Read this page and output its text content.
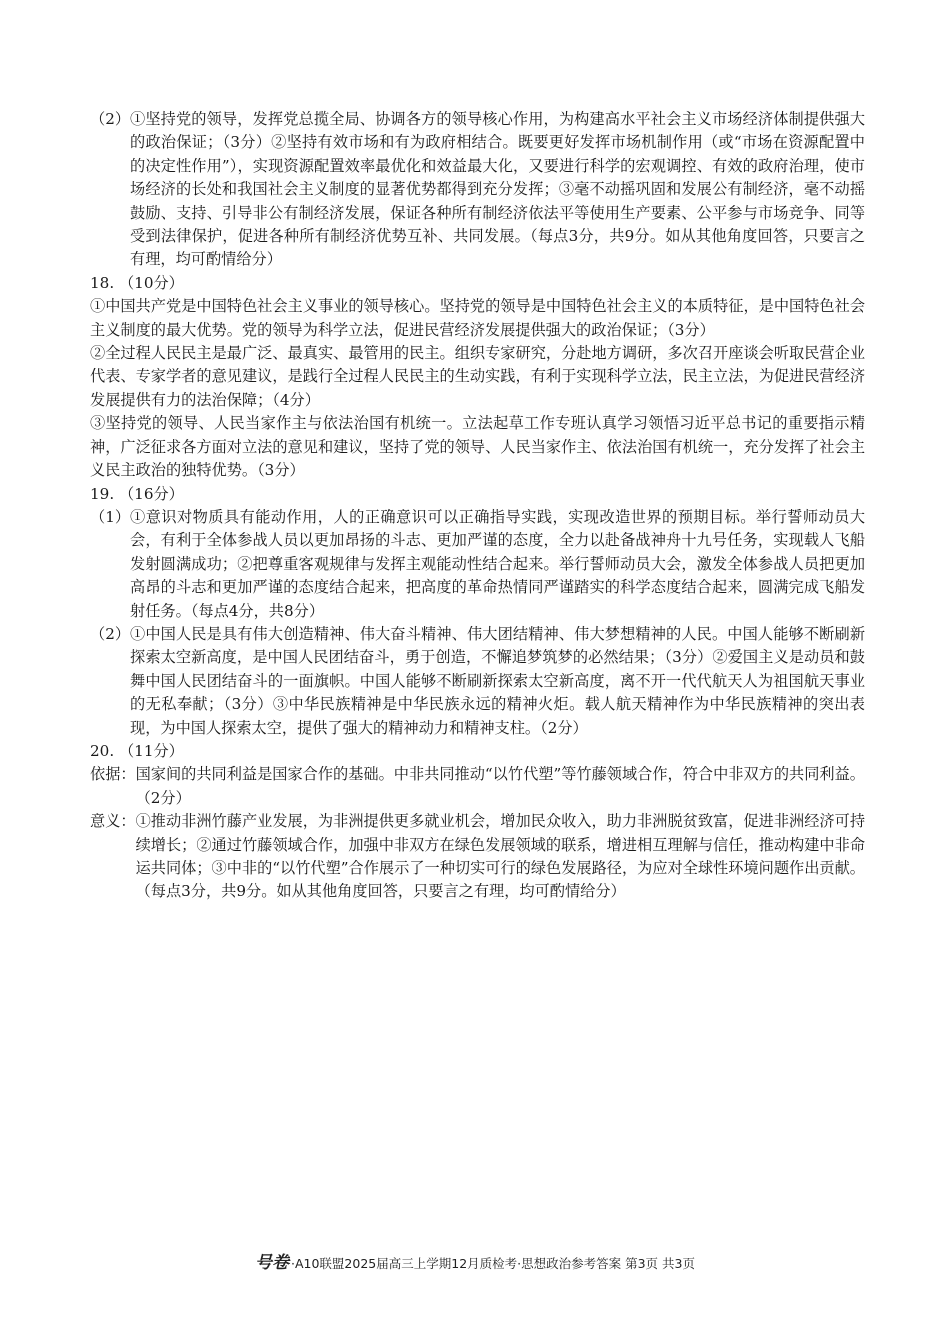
（2） ①坚持党的领导，发挥党总揽全局、协调各方的领导核心作用，为构建高水平社会主义市场经济体制提供强大的政治保证；（3分）②坚持有效市场和有为政府相结合。既要更好发挥市场机制作用（或“市场在资源配置中的决定性作用”），实现资源配置效率最优化和效益最大化，又要进行科学的宏观调控、有效的政府治理，使市场经济的长处和我国社会主义制度的显著优势都得到充分发挥；③毫不动摇巩固和发展公有制经济，毫不动摇鼓励、支持、引导非公有制经济发展，保证各种所有制经济依法平等使用生产要素、公平参与市场竞争、同等受到法律保护，促进各种所有制经济优势互补、共同发展。（每点3分，共9分。如从其他角度回答，只要言之有理，均可酌情给分）
18. （10分）
①中国共产党是中国特色社会主义事业的领导核心。坚持党的领导是中国特色社会主义的本质特征，是中国特色社会主义制度的最大优势。党的领导为科学立法，促进民营经济发展提供强大的政治保证；（3分）
②全过程人民民主是最广泛、最真实、最管用的民主。组织专家研究，分赴地方调研，多次召开座谈会听取民营企业代表、专家学者的意见建议，是践行全过程人民民主的生动实践，有利于实现科学立法，民主立法，为促进民营经济发展提供有力的法治保障；（4分）
③坚持党的领导、人民当家作主与依法治国有机统一。立法起草工作专班认真学习领悟习近平总书记的重要指示精神，广泛征求各方面对立法的意见和建议，坚持了党的领导、人民当家作主、依法治国有机统一，充分发挥了社会主义民主政治的独特优势。（3分）
19. （16分）
（1） ①意识对物质具有能动作用，人的正确意识可以正确指导实践，实现改造世界的预期目标。举行誓师动员大会，有利于全体参战人员以更加昂扬的斗志、更加严谨的态度，全力以赴备战神舟十九号任务，实现载人飞船发射圆满成功；②把尊重客观规律与发挥主观能动性结合起来。举行誓师动员大会，激发全体参战人员把更加高昂的斗志和更加严谨的态度结合起来，把高度的革命热情同严谨踏实的科学态度结合起来，圆满完成飞船发射任务。（每点4分，共8分）
（2） ①中国人民是具有伟大创造精神、伟大奋斗精神、伟大团结精神、伟大梦想精神的人民。中国人能够不断刷新探索太空新高度，是中国人民团结奋斗，勇于创造，不懈追梦筑梦的必然结果；（3分）②爱国主义是动员和鼓舞中国人民团结奋斗的一面旗帜。中国人能够不断刷新探索太空新高度，离不开一代代航天人为祖国航天事业的无私奉献；（3分）③中华民族精神是中华民族永远的精神火炬。载人航天精神作为中华民族精神的突出表现，为中国人探索太空，提供了强大的精神动力和精神支柱。（2分）
20. （11分）
依据： 国家间的共同利益是国家合作的基础。中非共同推动“以竹代塑”等竹藤领域合作，符合中非双方的共同利益。（2分）
意义： ①推动非洲竹藤产业发展，为非洲提供更多就业机会，增加民众收入，助力非洲脱贫致富，促进非洲经济可持续增长；②通过竹藤领域合作，加强中非双方在绿色发展领域的联系，增进相互理解与信任，推动构建中非命运共同体；③中非的“以竹代塑”合作展示了一种切实可行的绿色发展路径，为应对全球性环境问题作出贡献。（每点3分，共9分。如从其他角度回答，只要言之有理，均可酌情给分）
号卷 ·A10联盟2025届高三上学期12月质检考·思想政治参考答案 第3页 共3页
